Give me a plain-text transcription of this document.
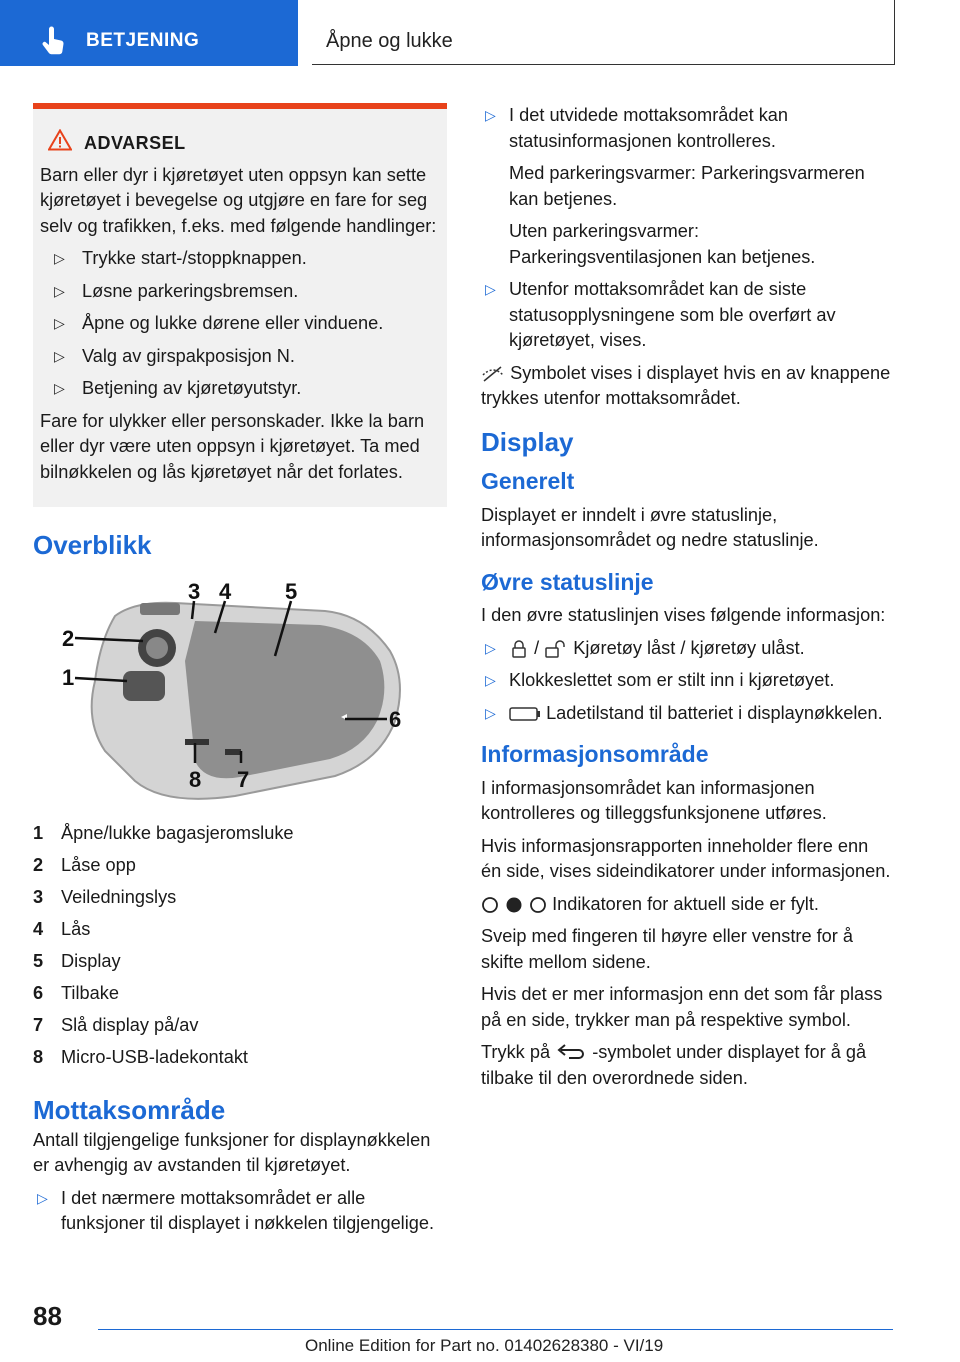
BETJENING	Åpne og lukke
ADVARSEL

Barn eller dyr i kjøretøyet uten oppsyn kan sette kjøretøyet i bevegelse og utgjøre en fare for seg selv og trafikken, f.eks. med følgende handlinger:

▷ Trykke start-/stoppknappen.
▷ Løsne parkeringsbremsen.
▷ Åpne og lukke dørene eller vinduene.
▷ Valg av girspakposisjon N.
▷ Betjening av kjøretøyutstyr.

Fare for ulykker eller personskader. Ikke la barn eller dyr være uten oppsyn i kjøretøyet. Ta med bilnøkkelen og lås kjøretøyet når det forlates.

Overblikk
1
2
3 4 5
6
7
8
1 Åpne/lukke bagasjeromsluke
2 Låse opp
3 Veiledningslys
4 Lås
5 Display
6 Tilbake
7 Slå display på/av
8 Micro-USB-ladekontakt
Mottaksområde

Antall tilgjengelige funksjoner for displaynøkkelen er avhengig av avstanden til kjøretøyet.

▷ I det nærmere mottaksområdet er alle funksjoner til displayet i nøkkelen tilgjengelige.
▷ I det utvidede mottaksområdet kan statusinformasjonen kontrolleres.

Med parkeringsvarmer: Parkeringsvarmeren kan betjenes.

Uten parkeringsvarmer: Parkeringsventilasjonen kan betjenes.

▷ Utenfor mottaksområdet kan de siste statusopplysningene som ble overført av kjøretøyet, vises.

Symbolet vises i displayet hvis en av knappene trykkes utenfor mottaksområdet.

Display
Generelt

Displayet er inndelt i øvre statuslinje, informasjonsområdet og nedre statuslinje.

Øvre statuslinje

I den øvre statuslinjen vises følgende informasjon:

▷ / Kjøretøy låst / kjøretøy ulåst.
▷ Klokkeslettet som er stilt inn i kjøretøyet.
▷	Ladetilstand til batteriet i displaynøkkelen.
Informasjonsområde

I informasjonsområdet kan informasjonen kontrolleres og tilleggsfunksjonene utføres.

Hvis informasjonsrapporten inneholder flere enn én side, vises sideindikatorer under informasjonen.

Indikatoren for aktuell side er fylt.

Sveip med fingeren til høyre eller venstre for å skifte mellom sidene.

Hvis det er mer informasjon enn det som får plass på en side, trykker man på respektive symbol.

Trykk på -symbolet under displayet for å gå tilbake til den overordnede siden.

88
Online Edition for Part no. 01402628380 - VI/19
